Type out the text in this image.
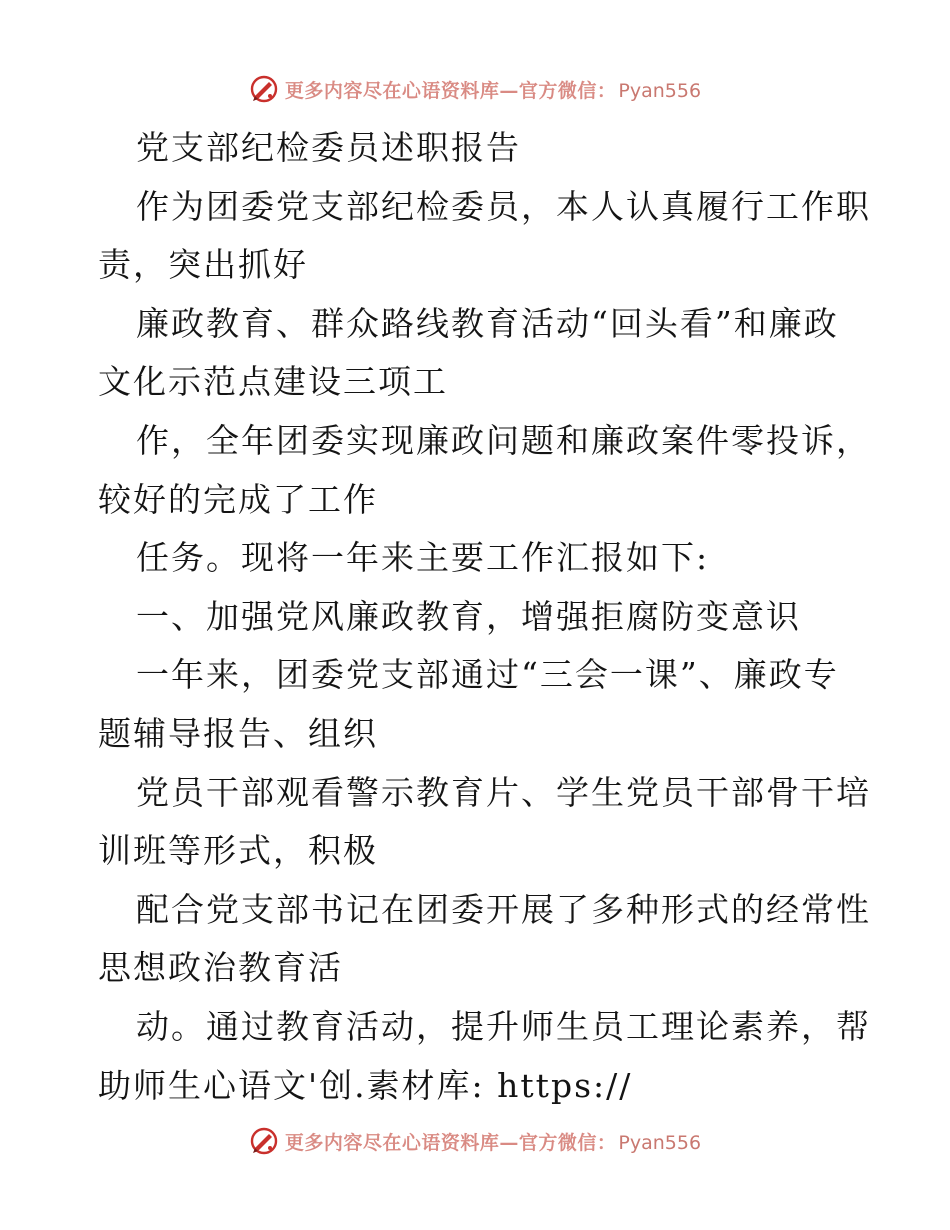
更多内容尽在心语资料库—官方微信： Pyan556
党支部纪检委员述职报告
作为团委党支部纪检委员，本人认真履行工作职
责，突出抓好
廉政教育、群众路线教育活动“回头看”和廉政
文化示范点建设三项工
作，全年团委实现廉政问题和廉政案件零投诉，
较好的完成了工作
任务。现将一年来主要工作汇报如下:
一、加强党风廉政教育，增强拒腐防变意识
一年来，团委党支部通过“三会一课”、廉政专
题辅导报告、组织
党员干部观看警示教育片、学生党员干部骨干培
训班等形式，积极
配合党支部书记在团委开展了多种形式的经常性
思想政治教育活
动。通过教育活动，提升师生员工理论素养，帮
助师生心语文'创.素材库: https://
更多内容尽在心语资料库—官方微信： Pyan556
